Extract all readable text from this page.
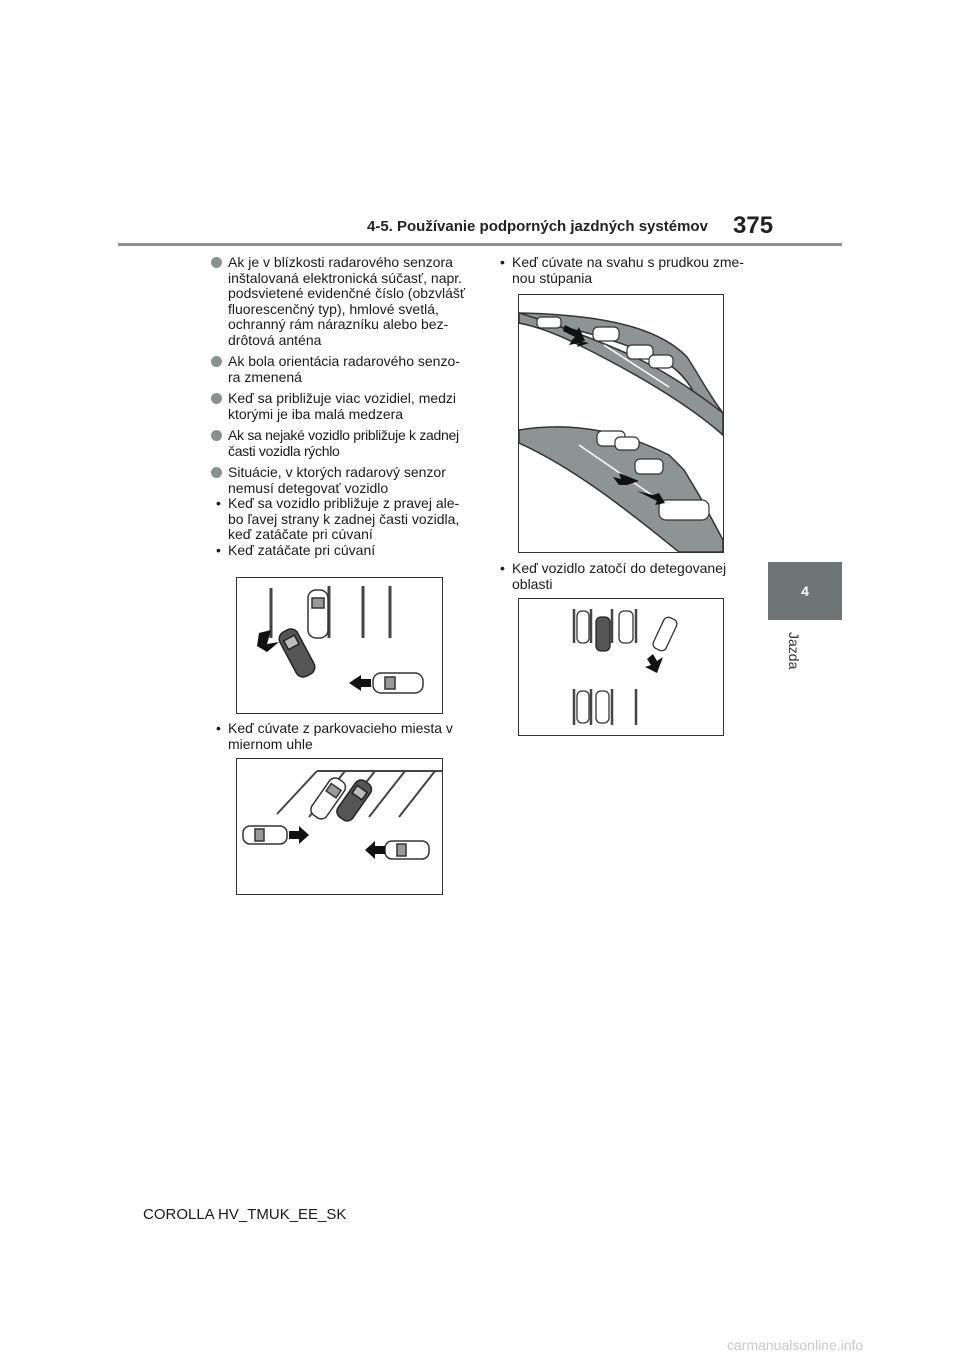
4-5. Používanie podporných jazdných systémov 375
4
Jazda
Ak je v blízkosti radarového senzora inštalovaná elektronická súčasť, napr. podsvietené evidenčné číslo (obzvlášť fluorescenčný typ), hmlové svetlá, ochranný rám nárazníku alebo bez-drôtová anténa
Ak bola orientácia radarového senzo-ra zmenená
Keď sa približuje viac vozidiel, medzi ktorými je iba malá medzera
Ak sa nejaké vozidlo približuje k zadnej časti vozidla rýchlo
Situácie, v ktorých radarový senzor nemusí detegovať vozidlo
• Keď sa vozidlo približuje z pravej ale-bo ľavej strany k zadnej časti vozidla, keď zatáčate pri cúvaní
• Keď zatáčate pri cúvaní
• Keď cúvate z parkovacieho miesta v miernom uhle
• Keď cúvate na svahu s prudkou zme-nou stúpania
• Keď vozidlo zatočí do detegovanej oblasti
COROLLA HV_TMUK_EE_SK
carmanualsonline.info
